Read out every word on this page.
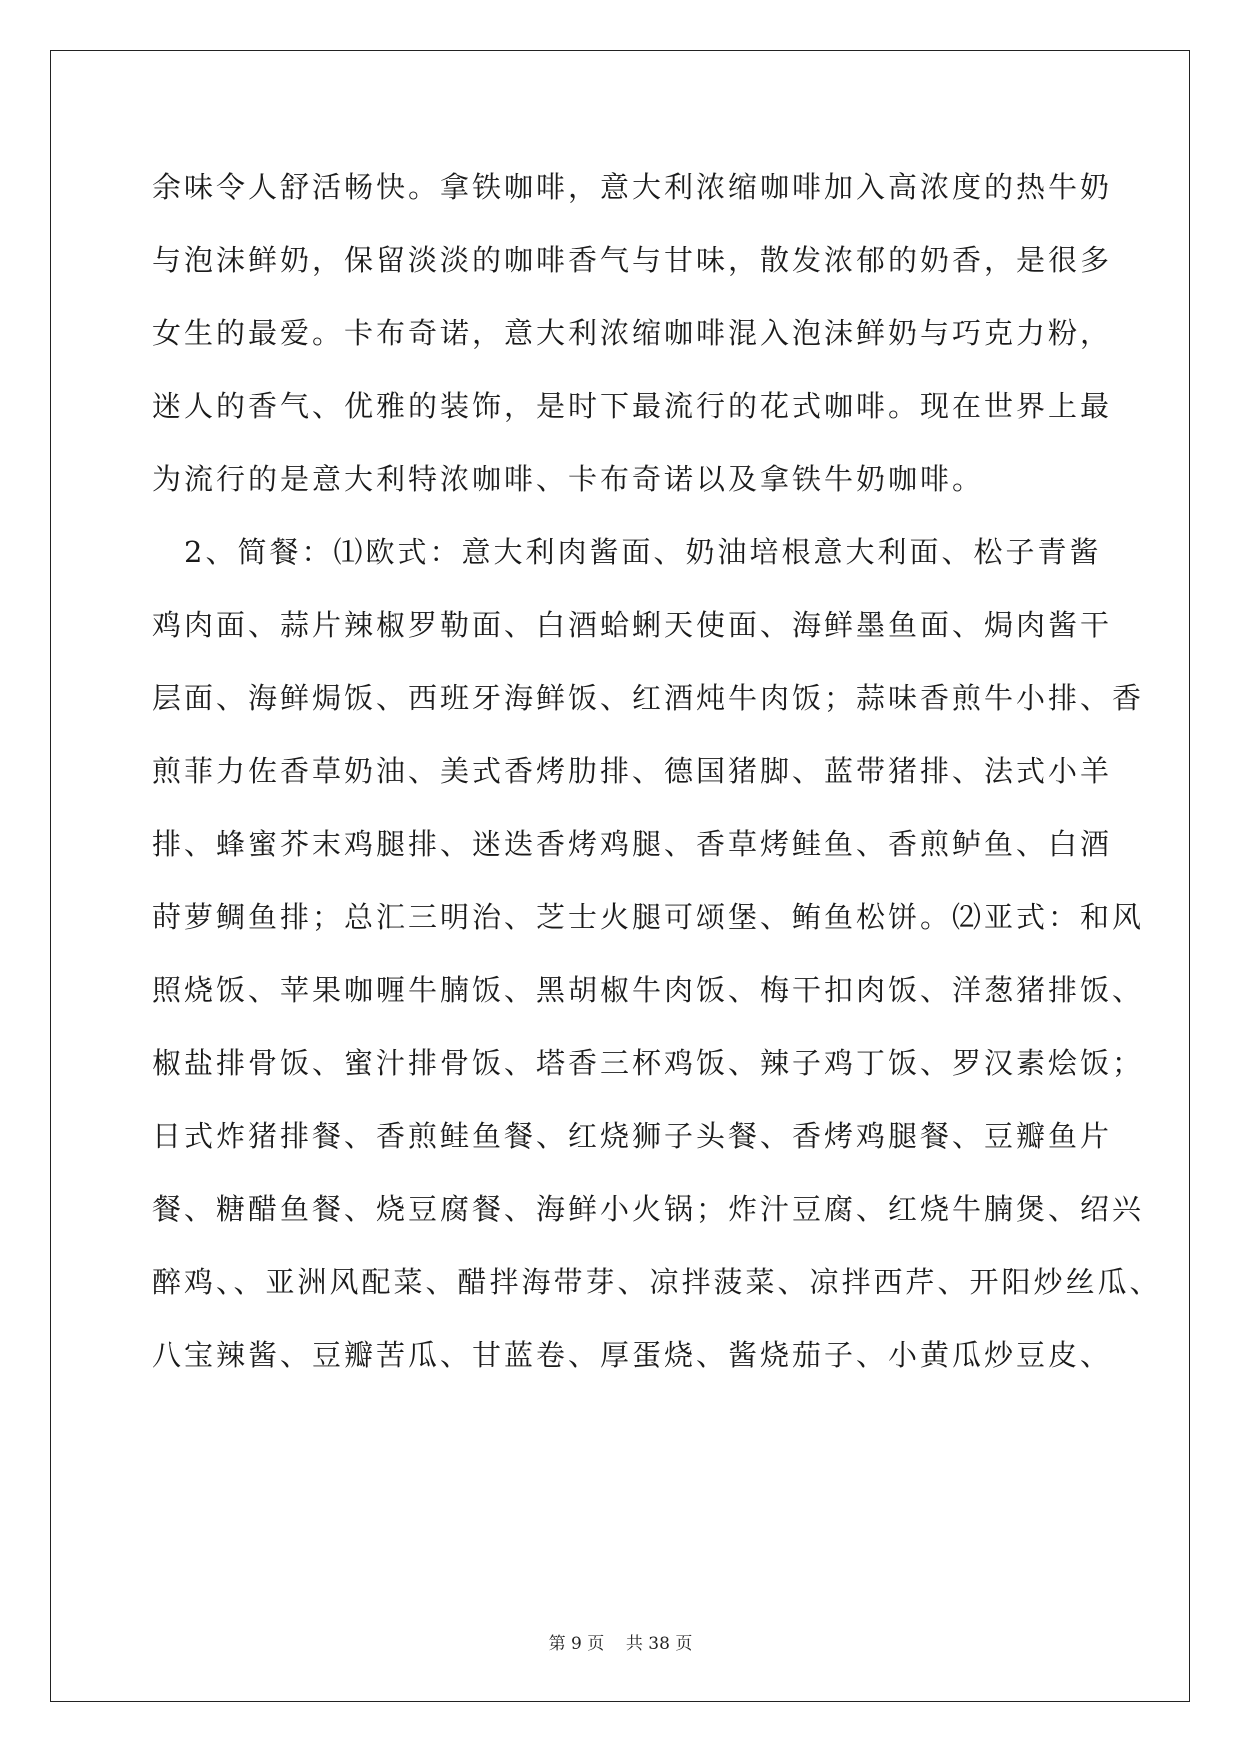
余味令人舒活畅快。拿铁咖啡，意大利浓缩咖啡加入高浓度的热牛奶
与泡沫鲜奶，保留淡淡的咖啡香气与甘味，散发浓郁的奶香，是很多
女生的最爱。卡布奇诺，意大利浓缩咖啡混入泡沫鲜奶与巧克力粉，
迷人的香气、优雅的装饰，是时下最流行的花式咖啡。现在世界上最
为流行的是意大利特浓咖啡、卡布奇诺以及拿铁牛奶咖啡。
　2、简餐：⑴欧式：意大利肉酱面、奶油培根意大利面、松子青酱
鸡肉面、蒜片辣椒罗勒面、白酒蛤蜊天使面、海鲜墨鱼面、焗肉酱干
层面、海鲜焗饭、西班牙海鲜饭、红酒炖牛肉饭；蒜味香煎牛小排、香
煎菲力佐香草奶油、美式香烤肋排、德国猪脚、蓝带猪排、法式小羊
排、蜂蜜芥末鸡腿排、迷迭香烤鸡腿、香草烤鲑鱼、香煎鲈鱼、白酒
莳萝鲷鱼排；总汇三明治、芝士火腿可颂堡、鲔鱼松饼。⑵亚式：和风
照烧饭、苹果咖喱牛腩饭、黑胡椒牛肉饭、梅干扣肉饭、洋葱猪排饭、
椒盐排骨饭、蜜汁排骨饭、塔香三杯鸡饭、辣子鸡丁饭、罗汉素烩饭；
日式炸猪排餐、香煎鲑鱼餐、红烧狮子头餐、香烤鸡腿餐、豆瓣鱼片
餐、糖醋鱼餐、烧豆腐餐、海鲜小火锅；炸汁豆腐、红烧牛腩煲、绍兴
醉鸡、、亚洲风配菜、醋拌海带芽、凉拌菠菜、凉拌西芹、开阳炒丝瓜、
八宝辣酱、豆瓣苦瓜、甘蓝卷、厚蛋烧、酱烧茄子、小黄瓜炒豆皮、
第 9 页    共 38 页
